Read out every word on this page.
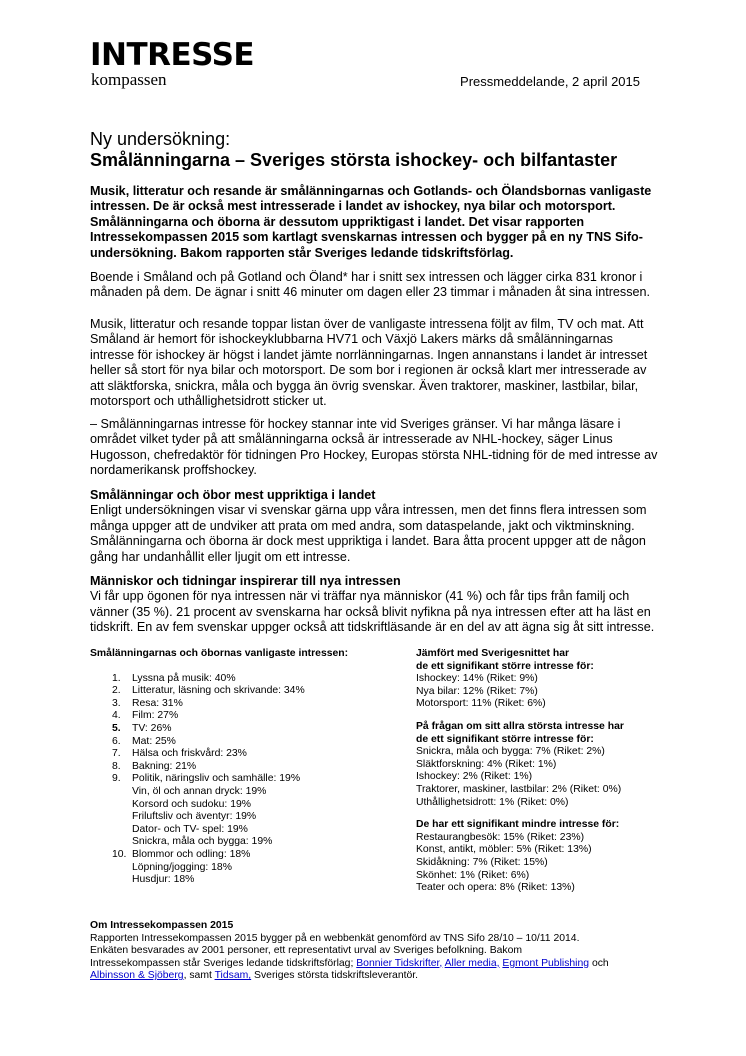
INTRESSE
kompassen	Pressmeddelande, 2 april 2015
Ny undersökning:
Smålänningarna – Sveriges största ishockey- och bilfantaster
Musik, litteratur och resande är smålänningarnas och Gotlands- och Ölandsbornas vanligaste intressen. De är också mest intresserade i landet av ishockey, nya bilar och motorsport. Smålänningarna och öborna är dessutom uppriktigast i landet. Det visar rapporten Intressekompassen 2015 som kartlagt svenskarnas intressen och bygger på en ny TNS Sifo-undersökning. Bakom rapporten står Sveriges ledande tidskriftsförlag.
Boende i Småland och på Gotland och Öland* har i snitt sex intressen och lägger cirka 831 kronor i månaden på dem. De ägnar i snitt 46 minuter om dagen eller 23 timmar i månaden åt sina intressen.
Musik, litteratur och resande toppar listan över de vanligaste intressena följt av film, TV och mat. Att Småland är hemort för ishockeyklubbarna HV71 och Växjö Lakers märks då smålänningarnas intresse för ishockey är högst i landet jämte norrlänningarnas. Ingen annanstans i landet är intresset heller så stort för nya bilar och motorsport. De som bor i regionen är också klart mer intresserade av att släktforska, snickra, måla och bygga än övrig svenskar. Även traktorer, maskiner, lastbilar, bilar, motorsport och uthållighetsidrott sticker ut.
– Smålänningarnas intresse för hockey stannar inte vid Sveriges gränser. Vi har många läsare i området vilket tyder på att smålänningarna också är intresserade av NHL-hockey, säger Linus Hugosson, chefredaktör för tidningen Pro Hockey, Europas största NHL-tidning för de med intresse av nordamerikansk proffshockey.
Smålänningar och öbor mest uppriktiga i landet
Enligt undersökningen visar vi svenskar gärna upp våra intressen, men det finns flera intressen som många uppger att de undviker att prata om med andra, som dataspelande, jakt och viktminskning. Smålänningarna och öborna är dock mest uppriktiga i landet. Bara åtta procent uppger att de någon gång har undanhållit eller ljugit om ett intresse.
Människor och tidningar inspirerar till nya intressen
Vi får upp ögonen för nya intressen när vi träffar nya människor (41 %) och får tips från familj och vänner (35 %). 21 procent av svenskarna har också blivit nyfikna på nya intressen efter att ha läst en tidskrift. En av fem svenskar uppger också att tidskriftläsande är en del av att ägna sig åt sitt intresse.
Smålänningarnas och öbornas vanligaste intressen:
1. Lyssna på musik: 40%
2. Litteratur, läsning och skrivande: 34%
3. Resa: 31%
4. Film: 27%
5. TV: 26%
6. Mat: 25%
7. Hälsa och friskvård: 23%
8. Bakning: 21%
9. Politik, näringsliv och samhälle: 19%
Vin, öl och annan dryck: 19%
Korsord och sudoku: 19%
Friluftsliv och äventyr: 19%
Dator- och TV- spel: 19%
Snickra, måla och bygga: 19%
10. Blommor och odling: 18%
Löpning/jogging: 18%
Husdjur: 18%
Jämfört med Sverigesnittet har
de ett signifikant större intresse för:
Ishockey: 14% (Riket: 9%)
Nya bilar: 12% (Riket: 7%)
Motorsport: 11% (Riket: 6%)
På frågan om sitt allra största intresse har
de ett signifikant större intresse för:
Snickra, måla och bygga: 7% (Riket: 2%)
Släktforskning: 4% (Riket: 1%)
Ishockey: 2% (Riket: 1%)
Traktorer, maskiner, lastbilar: 2% (Riket: 0%)
Uthållighetsidrott: 1% (Riket: 0%)
De har ett signifikant mindre intresse för:
Restaurangbesök: 15% (Riket: 23%)
Konst, antikt, möbler: 5% (Riket: 13%)
Skidåkning: 7% (Riket: 15%)
Skönhet: 1% (Riket: 6%)
Teater och opera: 8% (Riket: 13%)
Om Intressekompassen 2015
Rapporten Intressekompassen 2015 bygger på en webbenkät genomförd av TNS Sifo 28/10 – 10/11 2014.
Enkäten besvarades av 2001 personer, ett representativt urval av Sveriges befolkning. Bakom
Intressekompassen står Sveriges ledande tidskriftsförlag; Bonnier Tidskrifter, Aller media, Egmont Publishing och
Albinsson & Sjöberg, samt Tidsam, Sveriges största tidskriftsleverantör.
